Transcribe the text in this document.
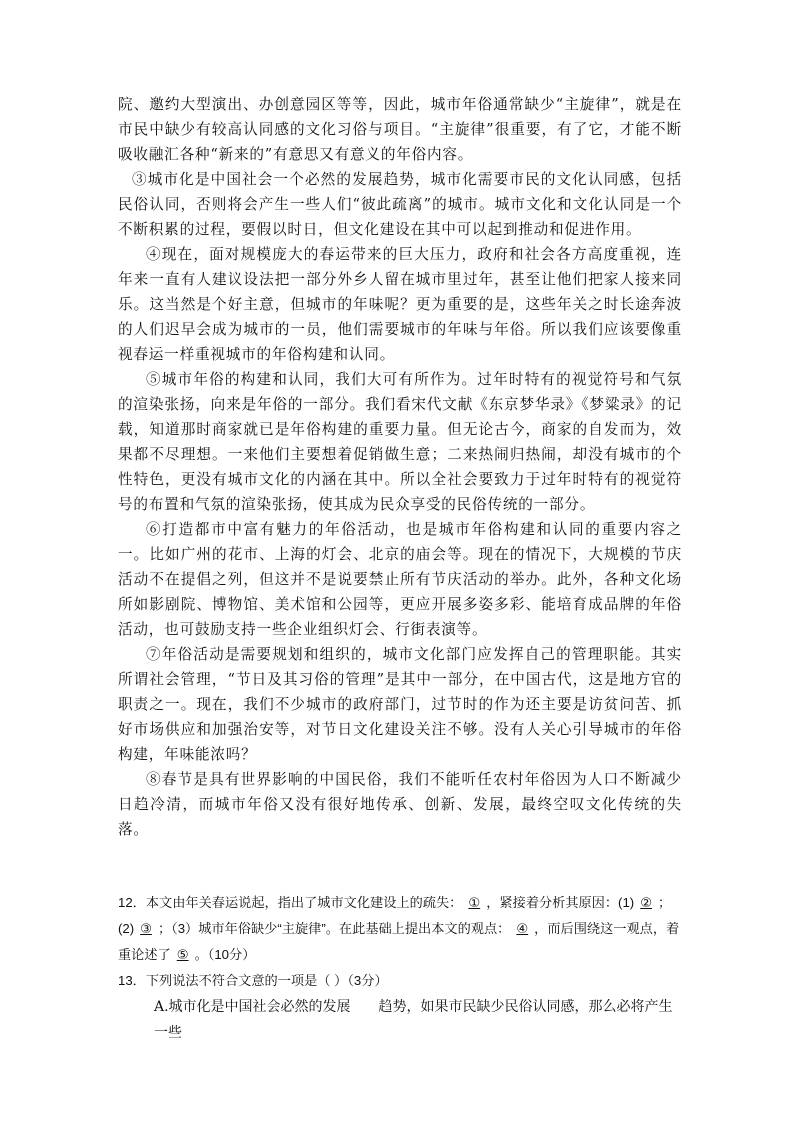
院、邀约大型演出、办创意园区等等，因此，城市年俗通常缺少“主旋律”，就是在市民中缺少有较高认同感的文化习俗与项目。“主旋律”很重要，有了它，才能不断吸收融汇各种“新来的”有意思又有意义的年俗内容。

③城市化是中国社会一个必然的发展趋势，城市化需要市民的文化认同感，包括民俗认同，否则将会产生一些人们“彼此疏离”的城市。城市文化和文化认同是一个不断积累的过程，要假以时日，但文化建设在其中可以起到推动和促进作用。

④现在，面对规模庞大的春运带来的巨大压力，政府和社会各方高度重视，连年来一直有人建议设法把一部分外乡人留在城市里过年，甚至让他们把家人接来同乐。这当然是个好主意，但城市的年味呢？更为重要的是，这些年关之时长途奔波的人们迟早会成为城市的一员，他们需要城市的年味与年俗。所以我们应该要像重视春运一样重视城市的年俗构建和认同。

⑤城市年俗的构建和认同，我们大可有所作为。过年时特有的视觉符号和气氛的渲染张扬，向来是年俗的一部分。我们看宋代文献《东京梦华录》《梦粱录》的记载，知道那时商家就已是年俗构建的重要力量。但无论古今，商家的自发而为，效果都不尽理想。一来他们主要想着促销做生意；二来热闹归热闹，却没有城市的个性特色，更没有城市文化的内涵在其中。所以全社会要致力于过年时特有的视觉符号的布置和气氛的渲染张扬，使其成为民众享受的民俗传统的一部分。

⑥打造都市中富有魅力的年俗活动，也是城市年俗构建和认同的重要内容之一。比如广州的花市、上海的灯会、北京的庙会等。现在的情况下，大规模的节庆活动不在提倡之列，但这并不是说要禁止所有节庆活动的举办。此外，各种文化场所如影剧院、博物馆、美术馆和公园等，更应开展多姿多彩、能培育成品牌的年俗活动，也可鼓励支持一些企业组织灯会、行街表演等。

⑦年俗活动是需要规划和组织的，城市文化部门应发挥自己的管理职能。其实所谓社会管理，“节日及其习俗的管理”是其中一部分，在中国古代，这是地方官的职责之一。现在，我们不少城市的政府部门，过节时的作为还主要是访贫问苦、抓好市场供应和加强治安等，对节日文化建设关注不够。没有人关心引导城市的年俗构建，年味能浓吗？

⑧春节是具有世界影响的中国民俗，我们不能听任农村年俗因为人口不断减少日趋冷清，而城市年俗又没有很好地传承、创新、发展，最终空叹文化传统的失落。

12．本文由年关春运说起，指出了城市文化建设上的疏失： ① ，紧接着分析其原因：(1) ② ；(2) ③ ；（3）城市年俗缺少“主旋律”。在此基础上提出本文的观点： ④ ，而后围绕这一观点，着重论述了 ⑤ 。（10分）

13．下列说法不符合文意的一项是（ ）（3分）

A.城市化是中国社会必然的发展　　趋势，如果市民缺少民俗认同感，那么必将产生一些
